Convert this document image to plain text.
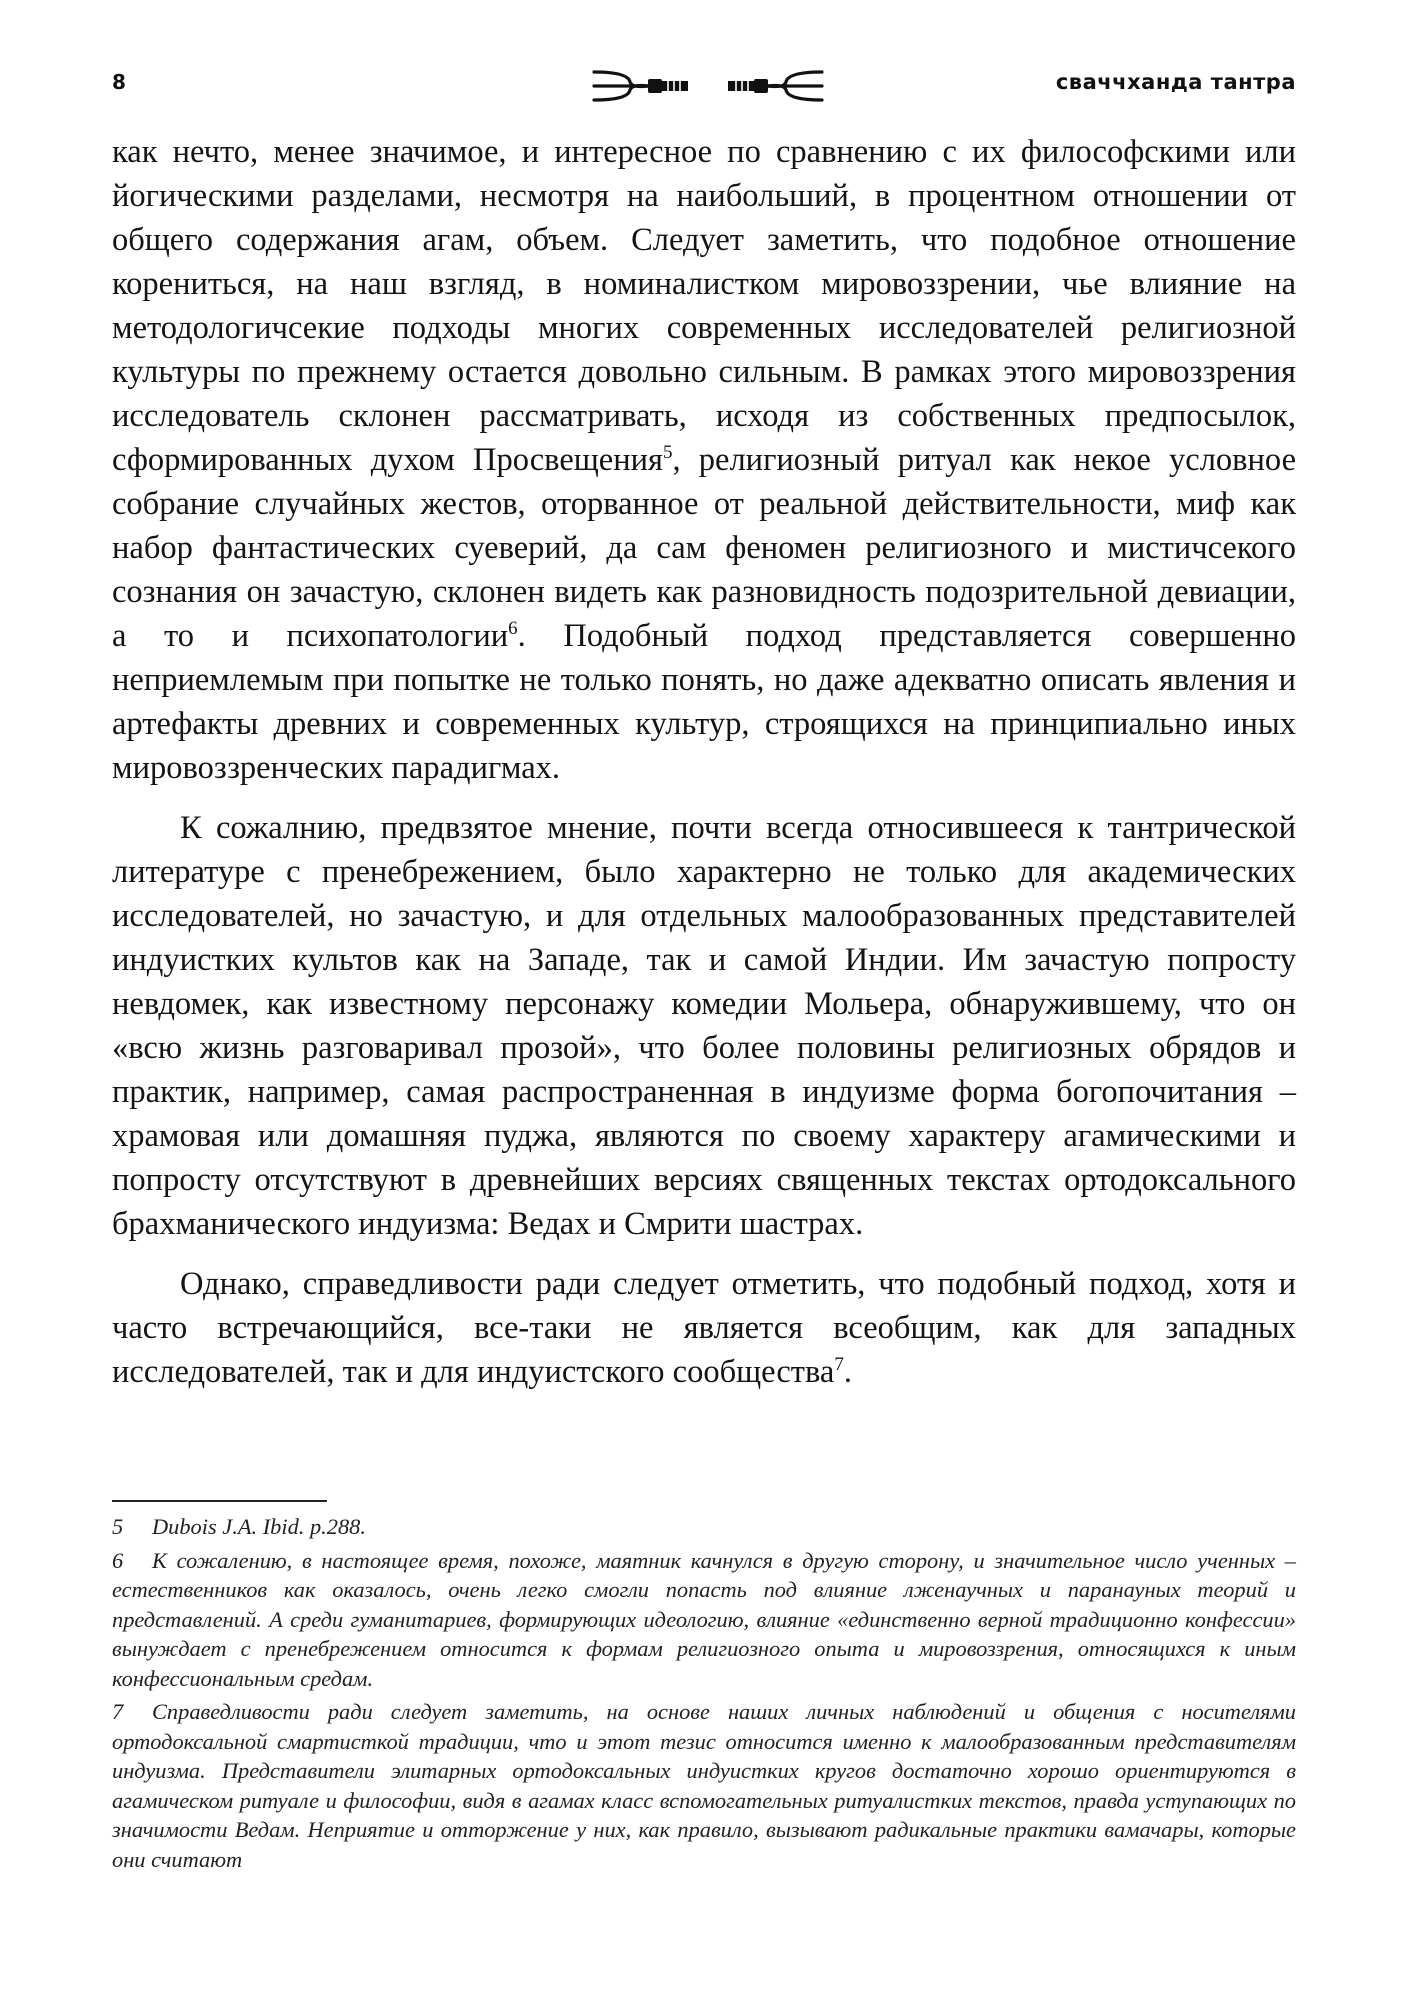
8	сваччханда тантра

как нечто, менее значимое, и интересное по сравнению с их философскими или йогическими разделами, несмотря на наибольший, в процентном отношении от общего содержания агам, объем. Следует заметить, что подобное отношение корениться, на наш взгляд, в номиналистком мировоззрении, чье влияние на методологичсекие подходы многих современных исследователей религиозной культуры по прежнему остается довольно сильным. В рамках этого мировоззрения исследователь склонен рассматривать, исходя из собственных предпосылок, сформированных духом Просвещения$^5$, религиозный ритуал как некое условное собрание случайных жестов, оторванное от реальной действительности, миф как набор фантастических суеверий, да сам феномен религиозного и мистичсекого сознания он зачастую, склонен видеть как разновидность подозрительной девиации, а то и психопатологии$^6$. Подобный подход представляется совершенно неприемлемым при попытке не только понять, но даже адекватно описать явления и артефакты древних и современных культур, строящихся на принципиально иных мировоззренческих парадигмах.

К сожалнию, предвзятое мнение, почти всегда относившееся к тантрической литературе с пренебрежением, было характерно не только для академических исследователей, но зачастую, и для отдельных малообразованных представителей индуистких культов как на Западе, так и самой Индии. Им зачастую попросту невдомек, как известному персонажу комедии Мольера, обнаружившему, что он «всю жизнь разговаривал прозой», что более половины религиозных обрядов и практик, например, самая распространенная в индуизме форма богопочитания – храмовая или домашняя пуджа, являются по своему характеру агамическими и попросту отсутствуют в древнейших версиях священных текстах ортодоксального брахманического индуизма: Ведах и Смрити шастрах.

Однако, справедливости ради следует отметить, что подобный подход, хотя и часто встречающийся, все-таки не является всеобщим, как для западных исследователей, так и для индуистского сообщества$^7$.

5 Dubois J.A. Ibid. p.288.

6 К сожалению, в настоящее время, похоже, маятник качнулся в другую сторону, и значительное число ученных – естественников как оказалось, очень легко смогли попасть под влияние лженаучных и паранауных теорий и представлений. А среди гуманитариев, формирующих идеологию, влияние «единственно верной традиционно конфессии» вынуждает с пренебрежением относится к формам религиозного опыта и мировоззрения, относящихся к иным конфессиональным средам.

7 Справедливости ради следует заметить, на основе наших личных наблюдений и общения с носителями ортодоксальной смартисткой традиции, что и этот тезис относится именно к малообразованным представителям индуизма. Представители элитарных ортодоксальных индуистких кругов достаточно хорошо ориентируются в агамическом ритуале и философии, видя в агамах класс вспомогательных ритуалистких текстов, правда уступающих по значимости Ведам. Неприятие и отторжение у них, как правило, вызывают радикальные практики вамачары, которые они считают
